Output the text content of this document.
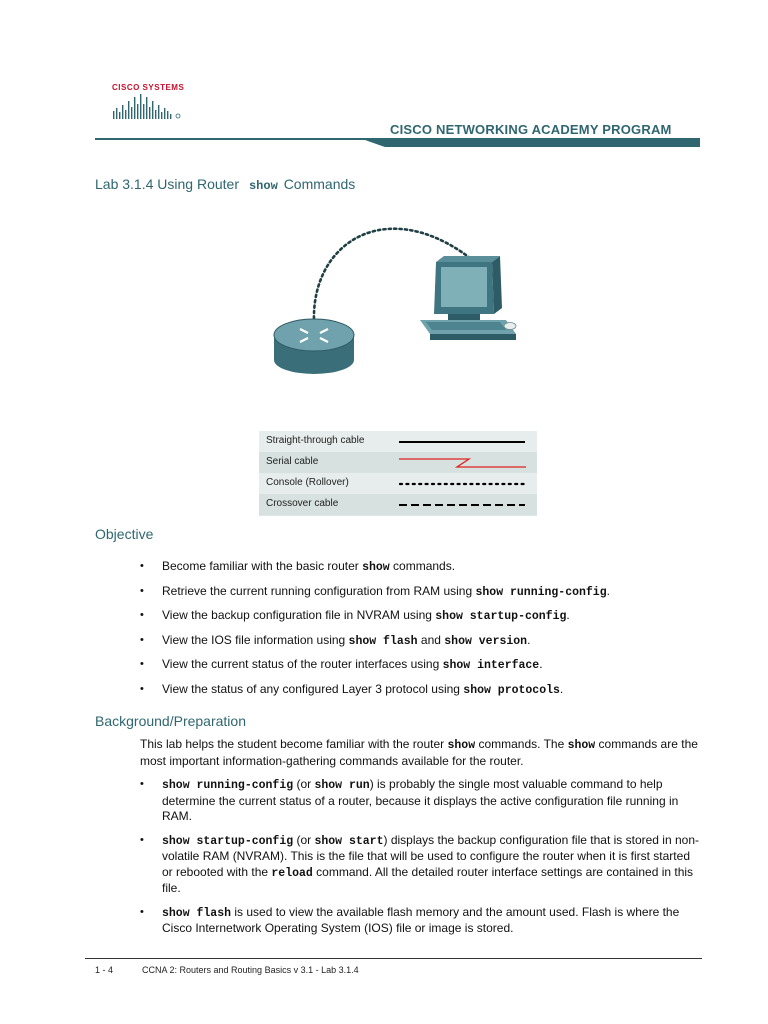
CISCO SYSTEMS
CISCO NETWORKING ACADEMY PROGRAM
Lab 3.1.4 Using Router show Commands
Straight-through cable
Serial cable
Console (Rollover)
Crossover cable
Objective
• Become familiar with the basic router show commands.
• Retrieve the current running configuration from RAM using show running-config.
• View the backup configuration file in NVRAM using show startup-config.
• View the IOS file information using show flash and show version.
• View the current status of the router interfaces using show interface.
• View the status of any configured Layer 3 protocol using show protocols.
Background/Preparation
This lab helps the student become familiar with the router show commands. The show commands are the most important information-gathering commands available for the router.
• show running-config (or show run) is probably the single most valuable command to help determine the current status of a router, because it displays the active configuration file running in RAM.
• show startup-config (or show start) displays the backup configuration file that is stored in non-volatile RAM (NVRAM). This is the file that will be used to configure the router when it is first started or rebooted with the reload command. All the detailed router interface settings are contained in this file.
• show flash is used to view the available flash memory and the amount used. Flash is where the Cisco Internetwork Operating System (IOS) file or image is stored.
1 - 4	CCNA 2: Routers and Routing Basics v 3.1 - Lab 3.1.4
